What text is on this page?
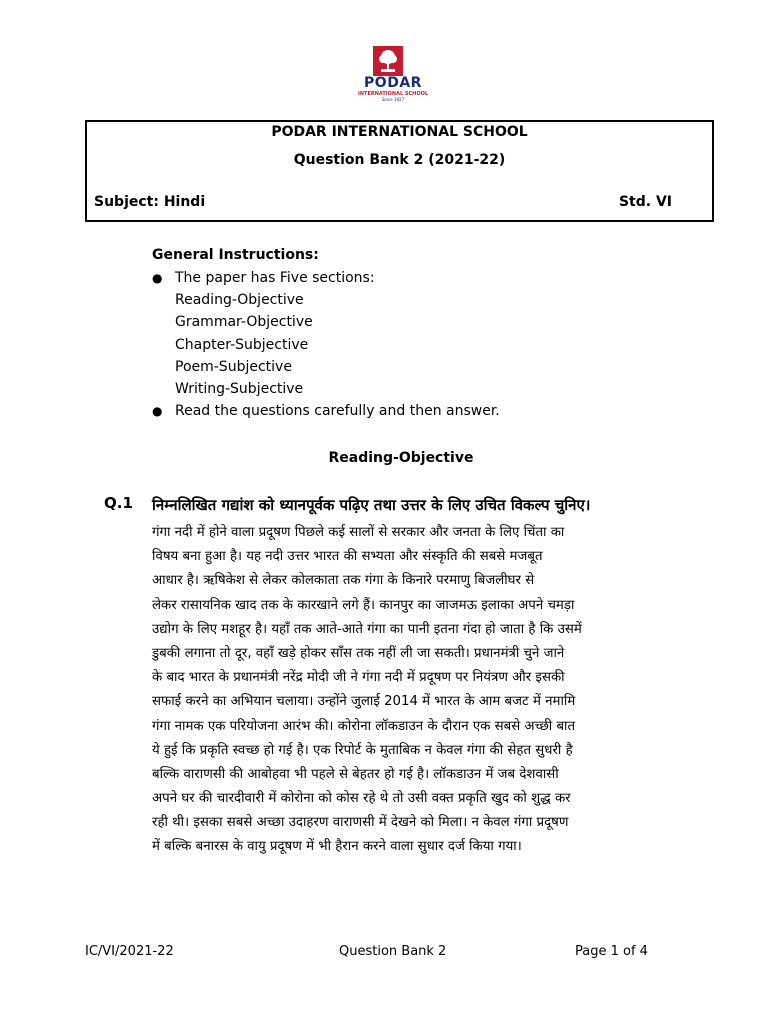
PODAR
INTERNATIONAL SCHOOL
Since 1927
PODAR INTERNATIONAL SCHOOL
Question Bank 2 (2021-22)
Subject: Hindi	Std. VI
General Instructions:
● The paper has Five sections:
Reading-Objective
Grammar-Objective
Chapter-Subjective
Poem-Subjective
Writing-Subjective
● Read the questions carefully and then answer.
Reading-Objective
Q.1 निम्नलिखित गद्यांश को ध्यानपूर्वक पढ़िए तथा उत्तर के लिए उचित विकल्प चुनिए।
गंगा नदी में होने वाला प्रदूषण पिछले कई सालों से सरकार और जनता के लिए चिंता का
विषय बना हुआ है। यह नदी उत्तर भारत की सभ्यता और संस्कृति की सबसे मजबूत
आधार है। ऋषिकेश से लेकर कोलकाता तक गंगा के किनारे परमाणु बिजलीघर से
लेकर रासायनिक खाद तक के कारखाने लगे हैं। कानपुर का जाजमऊ इलाका अपने चमड़ा
उद्योग के लिए मशहूर है। यहाँ तक आते-आते गंगा का पानी इतना गंदा हो जाता है कि उसमें
डुबकी लगाना तो दूर, वहाँ खड़े होकर साँस तक नहीं ली जा सकती। प्रधानमंत्री चुने जाने
के बाद भारत के प्रधानमंत्री नरेंद्र मोदी जी ने गंगा नदी में प्रदूषण पर नियंत्रण और इसकी
सफाई करने का अभियान चलाया। उन्होंने जुलाई 2014 में भारत के आम बजट में नमामि
गंगा नामक एक परियोजना आरंभ की। कोरोना लॉकडाउन के दौरान एक सबसे अच्छी बात
ये हुई कि प्रकृति स्वच्छ हो गई है। एक रिपोर्ट के मुताबिक न केवल गंगा की सेहत सुधरी है
बल्कि वाराणसी की आबोहवा भी पहले से बेहतर हो गई है। लॉकडाउन में जब देशवासी
अपने घर की चारदीवारी में कोरोना को कोस रहे थे तो उसी वक्त प्रकृति खुद को शुद्ध कर
रही थी। इसका सबसे अच्छा उदाहरण वाराणसी में देखने को मिला। न केवल गंगा प्रदूषण
में बल्कि बनारस के वायु प्रदूषण में भी हैरान करने वाला सुधार दर्ज किया गया।
IC/VI/2021-22	Question Bank 2	Page 1 of 4
